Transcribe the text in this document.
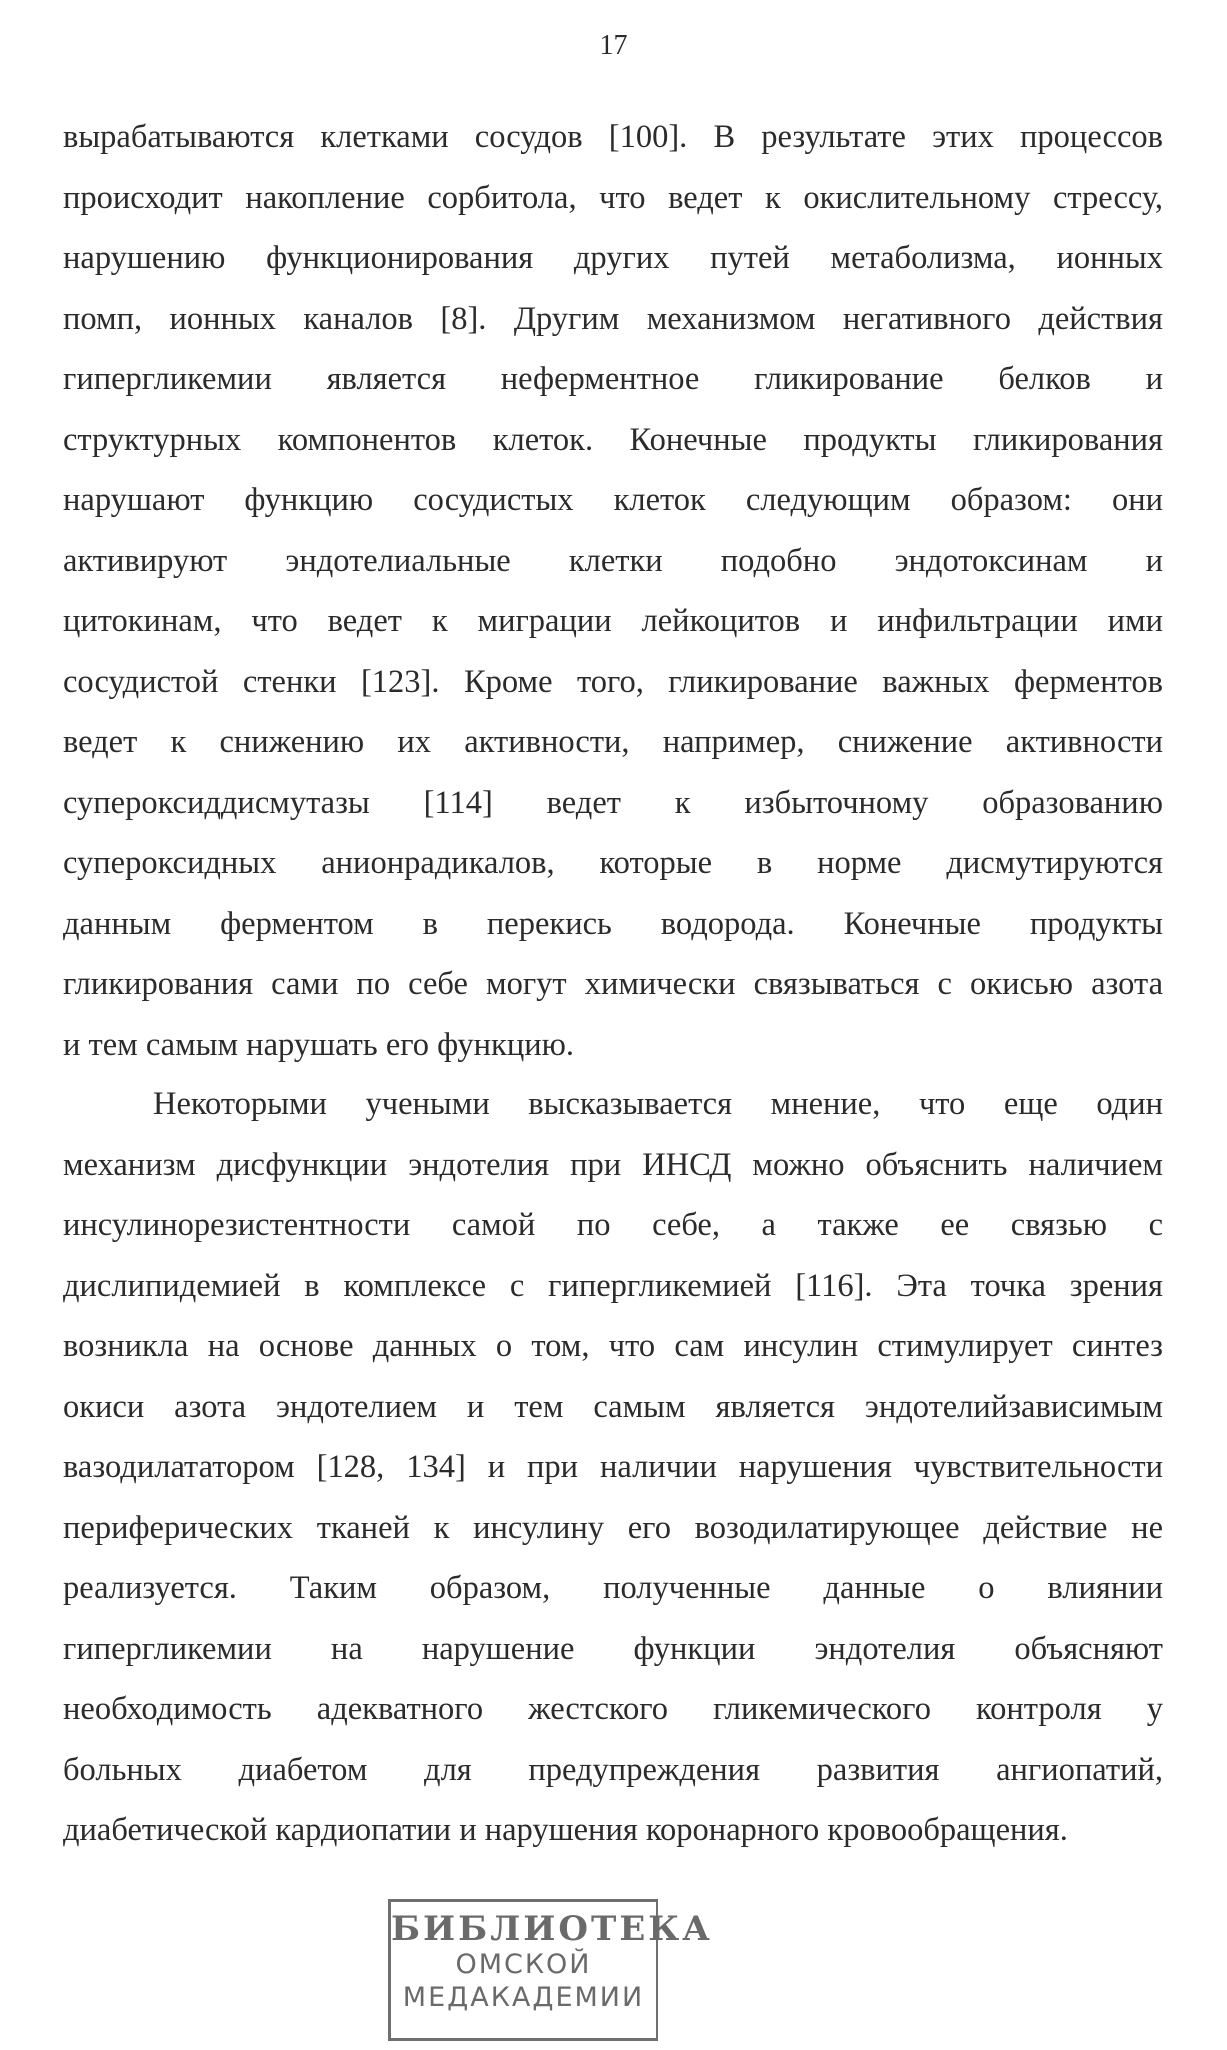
17
вырабатываются клетками сосудов [100]. В результате этих процессов
происходит накопление сорбитола, что ведет к окислительному стрессу,
нарушению функционирования других путей метаболизма, ионных
помп, ионных каналов [8]. Другим механизмом негативного действия
гипергликемии является неферментное гликирование белков и
структурных компонентов клеток. Конечные продукты гликирования
нарушают функцию сосудистых клеток следующим образом: они
активируют эндотелиальные клетки подобно эндотоксинам и
цитокинам, что ведет к миграции лейкоцитов и инфильтрации ими
сосудистой стенки [123]. Кроме того, гликирование важных ферментов
ведет к снижению их активности, например, снижение активности
супероксиддисмутазы [114] ведет к избыточному образованию
супероксидных анионрадикалов, которые в норме дисмутируются
данным ферментом в перекись водорода. Конечные продукты
гликирования сами по себе могут химически связываться с окисью азота
и тем самым нарушать его функцию.
Некоторыми учеными высказывается мнение, что еще один
механизм дисфункции эндотелия при ИНСД можно объяснить наличием
инсулинорезистентности самой по себе, а также ее связью с
дислипидемией в комплексе с гипергликемией [116]. Эта точка зрения
возникла на основе данных о том, что сам инсулин стимулирует синтез
окиси азота эндотелием и тем самым является эндотелийзависимым
вазодилататором [128, 134] и при наличии нарушения чувствительности
периферических тканей к инсулину его возодилатирующее действие не
реализуется. Таким образом, полученные данные о влиянии
гипергликемии на нарушение функции эндотелия объясняют
необходимость адекватного жестского гликемического контроля у
больных диабетом для предупреждения развития ангиопатий,
диабетической кардиопатии и нарушения коронарного кровообращения.
БИБЛИОТЕКА
ОМСКОЙ
МЕДАКАДЕМИИ
